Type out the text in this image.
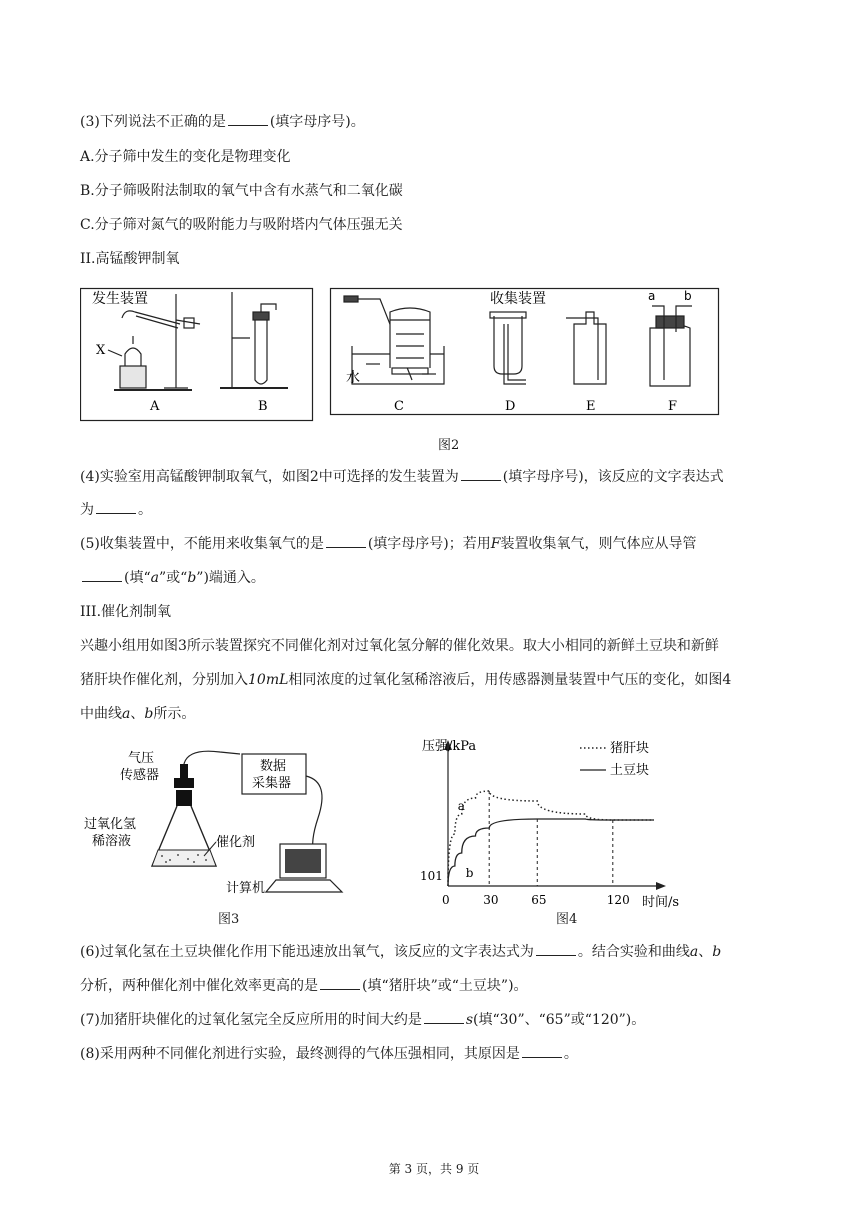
(3)下列说法不正确的是	(填字母序号)。
A.分子筛中发生的变化是物理变化
B.分子筛吸附法制取的氧气中含有水蒸气和二氧化碳
C.分子筛对氮气的吸附能力与吸附塔内气体压强无关
II.高锰酸钾制氧
发生装置
X
水
收集装置	a b
A	B	C	D	E	F
图2
(4)实验室用高锰酸钾制取氧气，如图2中可选择的发生装置为	(填字母序号)，该反应的文字表达式
为	。
(5)收集装置中，不能用来收集氧气的是	(填字母序号)；若用F装置收集氧气，则气体应从导管
(填“a”或“b”)端通入。
III.催化剂制氧
兴趣小组用如图3所示装置探究不同催化剂对过氧化氢分解的催化效果。取大小相同的新鲜土豆块和新鲜
猪肝块作催化剂，分别加入10mL相同浓度的过氧化氢稀溶液后，用传感器测量装置中气压的变化，如图4
中曲线a、b所示。
气压
传感器
数据
采集器
过氧化氢
稀溶液	催化剂
计算机
图3
压强/kPa
101
时间/s
0	30	65	120
a
b
猪肝块
土豆块
图4
(6)过氧化氢在土豆块催化作用下能迅速放出氧气，该反应的文字表达式为	。结合实验和曲线a、b
分析，两种催化剂中催化效率更高的是	(填“猪肝块”或“土豆块”)。
(7)加猪肝块催化的过氧化氢完全反应所用的时间大约是	s(填“30”、“65”或“120”)。
(8)采用两种不同催化剂进行实验，最终测得的气体压强相同，其原因是	。
第 3 页，共 9 页
